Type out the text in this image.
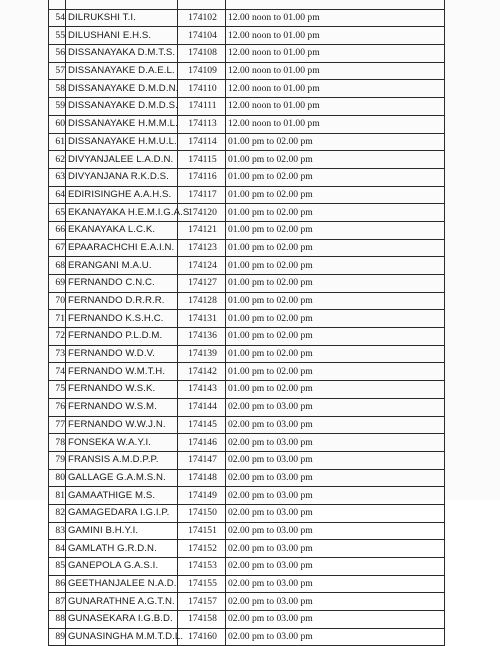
54	DILRUKSHI T.I.	174102	12.00 noon to 01.00 pm
55	DILUSHANI E.H.S.	174104	12.00 noon to 01.00 pm
56	DISSANAYAKA D.M.T.S.	174108	12.00 noon to 01.00 pm
57	DISSANAYAKE D.A.E.L.	174109	12.00 noon to 01.00 pm
58	DISSANAYAKE D.M.D.N.	174110	12.00 noon to 01.00 pm
59	DISSANAYAKE D.M.D.S.	174111	12.00 noon to 01.00 pm
60	DISSANAYAKE H.M.M.L.	174113	12.00 noon to 01.00 pm
61	DISSANAYAKE H.M.U.L.	174114	01.00 pm to 02.00 pm
62	DIVYANJALEE L.A.D.N.	174115	01.00 pm to 02.00 pm
63	DIVYANJANA R.K.D.S.	174116	01.00 pm to 02.00 pm
64	EDIRISINGHE A.A.H.S.	174117	01.00 pm to 02.00 pm
65	EKANAYAKA H.E.M.I.G.A.S.	174120	01.00 pm to 02.00 pm
66	EKANAYAKA L.C.K.	174121	01.00 pm to 02.00 pm
67	EPAARACHCHI E.A.I.N.	174123	01.00 pm to 02.00 pm
68	ERANGANI M.A.U.	174124	01.00 pm to 02.00 pm
69	FERNANDO C.N.C.	174127	01.00 pm to 02.00 pm
70	FERNANDO D.R.R.R.	174128	01.00 pm to 02.00 pm
71	FERNANDO K.S.H.C.	174131	01.00 pm to 02.00 pm
72	FERNANDO P.L.D.M.	174136	01.00 pm to 02.00 pm
73	FERNANDO W.D.V.	174139	01.00 pm to 02.00 pm
74	FERNANDO W.M.T.H.	174142	01.00 pm to 02.00 pm
75	FERNANDO W.S.K.	174143	01.00 pm to 02.00 pm
76	FERNANDO W.S.M.	174144	02.00 pm to 03.00 pm
77	FERNANDO W.W.J.N.	174145	02.00 pm to 03.00 pm
78	FONSEKA W.A.Y.I.	174146	02.00 pm to 03.00 pm
79	FRANSIS A.M.D.P.P.	174147	02.00 pm to 03.00 pm
80	GALLAGE G.A.M.S.N.	174148	02.00 pm to 03.00 pm
81	GAMAATHIGE M.S.	174149	02.00 pm to 03.00 pm
82	GAMAGEDARA I.G.I.P.	174150	02.00 pm to 03.00 pm
83	GAMINI B.H.Y.I.	174151	02.00 pm to 03.00 pm
84	GAMLATH G.R.D.N.	174152	02.00 pm to 03.00 pm
85	GANEPOLA G.A.S.I.	174153	02.00 pm to 03.00 pm
86	GEETHANJALEE N.A.D.	174155	02.00 pm to 03.00 pm
87	GUNARATHNE A.G.T.N.	174157	02.00 pm to 03.00 pm
88	GUNASEKARA I.G.B.D.	174158	02.00 pm to 03.00 pm
89	GUNASINGHA M.M.T.D.L.	174160	02.00 pm to 03.00 pm
